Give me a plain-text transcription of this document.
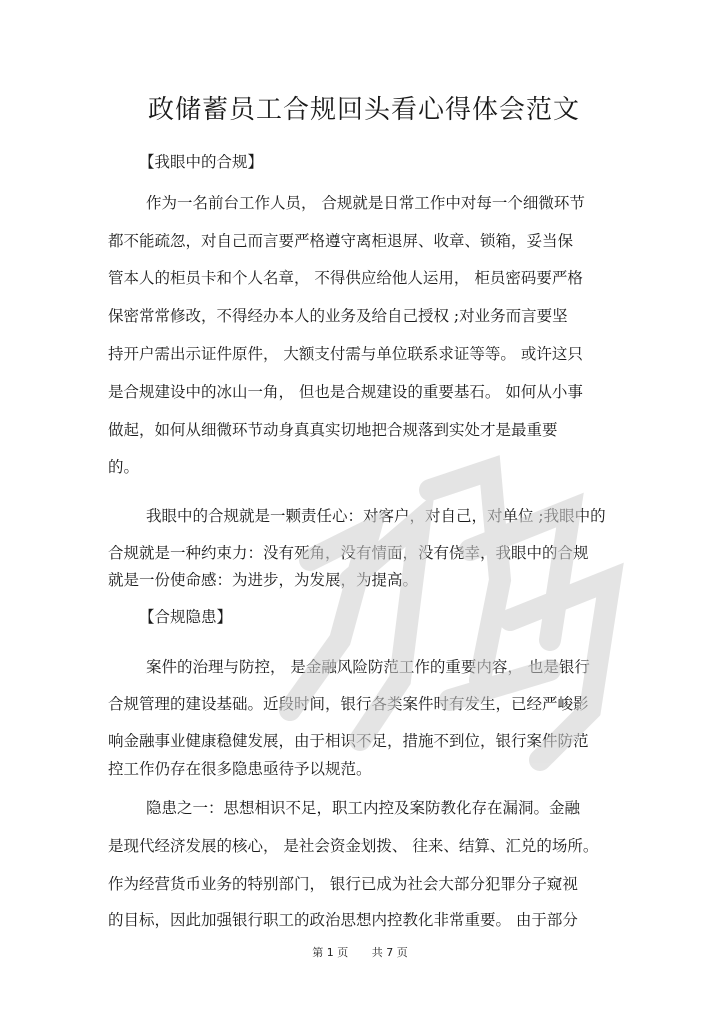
政储蓄员工合规回头看心得体会范文
【我眼中的合规】
作为一名前台工作人员， 合规就是日常工作中对每一个细微环节
都不能疏忽，对自己而言要严格遵守离柜退屏、收章、锁箱，妥当保
管本人的柜员卡和个人名章， 不得供应给他人运用， 柜员密码要严格
保密常常修改，不得经办本人的业务及给自己授权 ;对业务而言要坚
持开户需出示证件原件， 大额支付需与单位联系求证等等。 或许这只
是合规建设中的冰山一角， 但也是合规建设的重要基石。 如何从小事
做起，如何从细微环节动身真真实切地把合规落到实处才是最重要
的。
我眼中的合规就是一颗责任心：对客户，对自己，对单位 ;我眼中的
合规就是一种约束力：没有死角，没有情面，没有侥幸，我眼中的合规
就是一份使命感：为进步，为发展，为提高。
【合规隐患】
案件的治理与防控， 是金融风险防范工作的重要内容， 也是银行
合规管理的建设基础。近段时间，银行各类案件时有发生，已经严峻影
响金融事业健康稳健发展，由于相识不足，措施不到位，银行案件防范
控工作仍存在很多隐患亟待予以规范。
隐患之一：思想相识不足，职工内控及案防教化存在漏洞。金融
是现代经济发展的核心， 是社会资金划拨、 往来、结算、汇兑的场所。
作为经营货币业务的特别部门， 银行已成为社会大部分犯罪分子窥视
的目标，因此加强银行职工的政治思想内控教化非常重要。 由于部分
第 1 页 共 7 页
